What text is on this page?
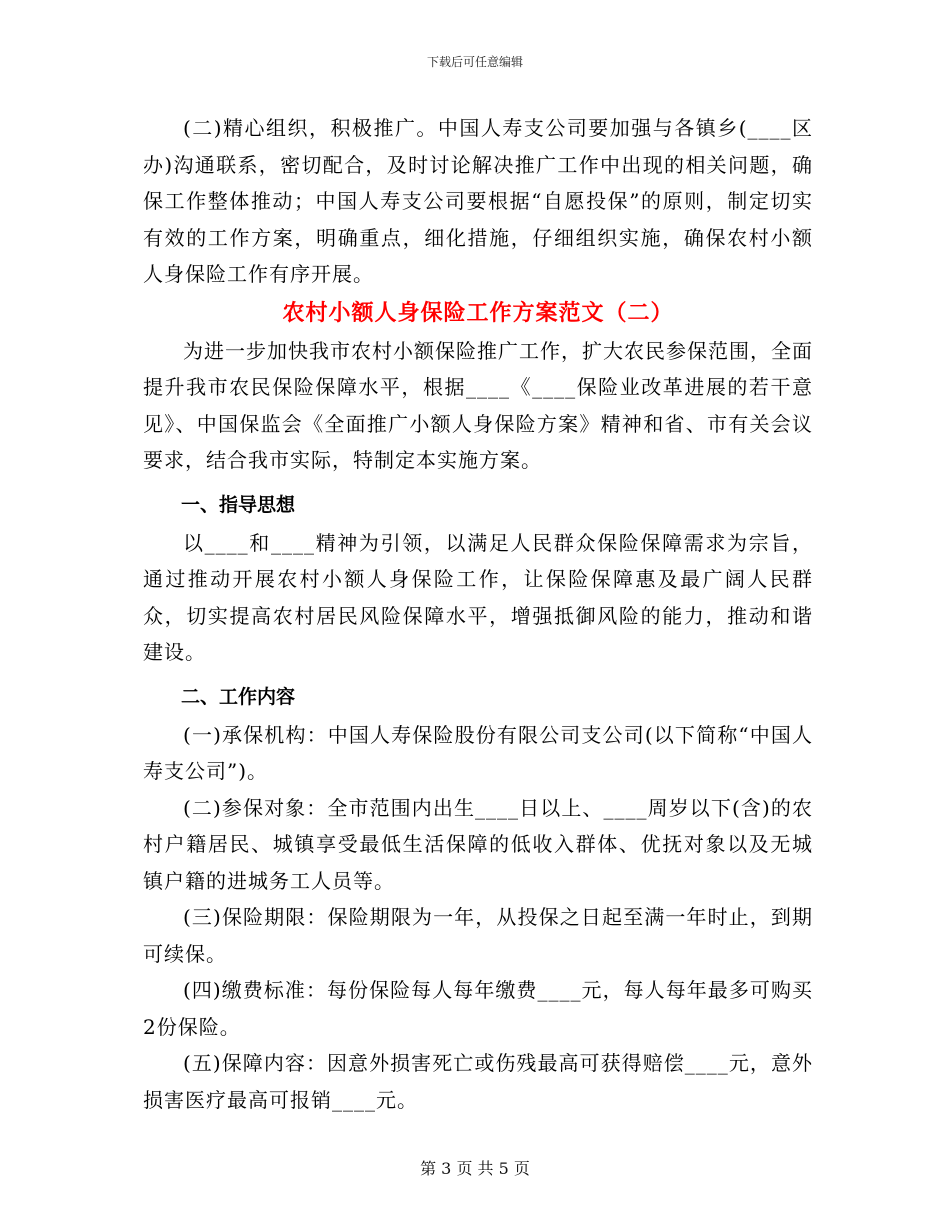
下载后可任意编辑

(二)精心组织，积极推广。中国人寿支公司要加强与各镇乡(____区办)沟通联系，密切配合，及时讨论解决推广工作中出现的相关问题，确保工作整体推动；中国人寿支公司要根据“自愿投保”的原则，制定切实有效的工作方案，明确重点，细化措施，仔细组织实施，确保农村小额人身保险工作有序开展。

农村小额人身保险工作方案范文（二）

为进一步加快我市农村小额保险推广工作，扩大农民参保范围，全面提升我市农民保险保障水平，根据____《____保险业改革进展的若干意见》、中国保监会《全面推广小额人身保险方案》精神和省、市有关会议要求，结合我市实际，特制定本实施方案。

一、指导思想

以____和____精神为引领，以满足人民群众保险保障需求为宗旨，通过推动开展农村小额人身保险工作，让保险保障惠及最广阔人民群众，切实提高农村居民风险保障水平，增强抵御风险的能力，推动和谐建设。

二、工作内容

(一)承保机构：中国人寿保险股份有限公司支公司(以下简称“中国人寿支公司”)。

(二)参保对象：全市范围内出生____日以上、____周岁以下(含)的农村户籍居民、城镇享受最低生活保障的低收入群体、优抚对象以及无城镇户籍的进城务工人员等。

(三)保险期限：保险期限为一年，从投保之日起至满一年时止，到期可续保。

(四)缴费标准：每份保险每人每年缴费____元，每人每年最多可购买2份保险。

(五)保障内容：因意外损害死亡或伤残最高可获得赔偿____元，意外损害医疗最高可报销____元。

第 3 页 共 5 页
